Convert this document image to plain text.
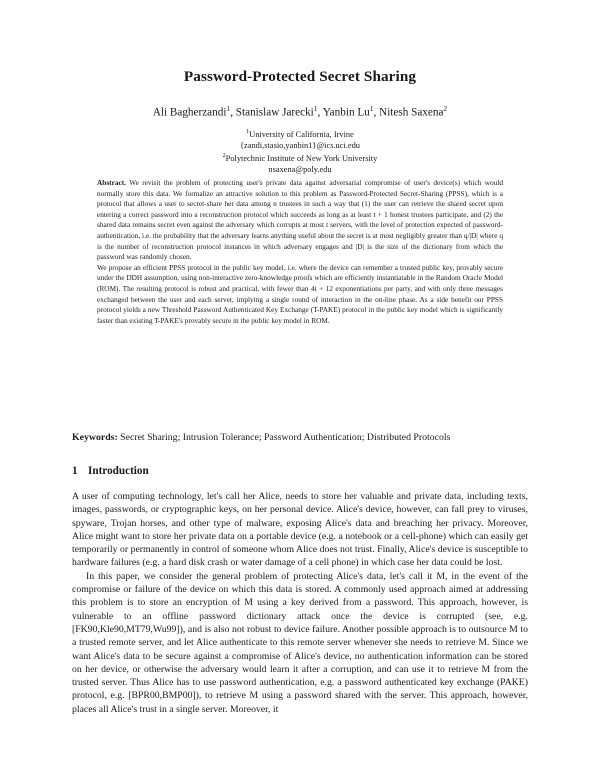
Password-Protected Secret Sharing
Ali Bagherzandi$^1$, Stanislaw Jarecki$^1$, Yanbin Lu$^1$, Nitesh Saxena$^2$
$^1$University of California, Irvine
{zandi,stasio,yanbin1}@ics.uci.edu
$^2$Polytechnic Institute of New York University
nsaxena@poly.edu

Abstract. We revisit the problem of protecting user's private data against adversarial compromise of user's device(s) which would normally store this data. We formalize an attractive solution to this problem as Password-Protected Secret-Sharing (PPSS), which is a protocol that allows a user to secret-share her data among n trustees in such a way that (1) the user can retrieve the shared secret upon entering a correct password into a reconstruction protocol which succeeds as long as at least t + 1 honest trustees participate, and (2) the shared data remains secret even against the adversary which corrupts at most t servers, with the level of protection expected of password-authentication, i.e. the probability that the adversary learns anything useful about the secret is at most negligibly greater than q/|D| where q is the number of reconstruction protocol instances in which adversary engages and |D| is the size of the dictionary from which the password was randomly chosen.

We propose an efficient PPSS protocol in the public key model, i.e. where the device can remember a trusted public key, provably secure under the DDH assumption, using non-interactive zero-knowledge proofs which are efficiently instantiatable in the Random Oracle Model (ROM). The resulting protocol is robust and practical, with fewer than 4t + 12 exponentiations per party, and with only three messages exchanged between the user and each server, implying a single round of interaction in the on-line phase. As a side benefit our PPSS protocol yields a new Threshold Password Authenticated Key Exchange (T-PAKE) protocol in the public key model which is significantly faster than existing T-PAKE's provably secure in the public key model in ROM.

Keywords: Secret Sharing; Intrusion Tolerance; Password Authentication; Distributed Protocols
1 Introduction

A user of computing technology, let's call her Alice, needs to store her valuable and private data, including texts, images, passwords, or cryptographic keys, on her personal device. Alice's device, however, can fall prey to viruses, spyware, Trojan horses, and other type of malware, exposing Alice's data and breaching her privacy. Moreover, Alice might want to store her private data on a portable device (e.g. a notebook or a cell-phone) which can easily get temporarily or permanently in control of someone whom Alice does not trust. Finally, Alice's device is susceptible to hardware failures (e.g. a hard disk crash or water damage of a cell phone) in which case her data could be lost.

In this paper, we consider the general problem of protecting Alice's data, let's call it M, in the event of the compromise or failure of the device on which this data is stored. A commonly used approach aimed at addressing this problem is to store an encryption of M using a key derived from a password. This approach, however, is vulnerable to an offline password dictionary attack once the device is corrupted (see, e.g. [FK90,Kle90,MT79,Wu99]), and is also not robust to device failure. Another possible approach is to outsource M to a trusted remote server, and let Alice authenticate to this remote server whenever she needs to retrieve M. Since we want Alice's data to be secure against a compromise of Alice's device, no authentication information can be stored on her device, or otherwise the adversary would learn it after a corruption, and can use it to retrieve M from the trusted server. Thus Alice has to use password authentication, e.g. a password authenticated key exchange (PAKE) protocol, e.g. [BPR00,BMP00]), to retrieve M using a password shared with the server. This approach, however, places all Alice's trust in a single server. Moreover, it
